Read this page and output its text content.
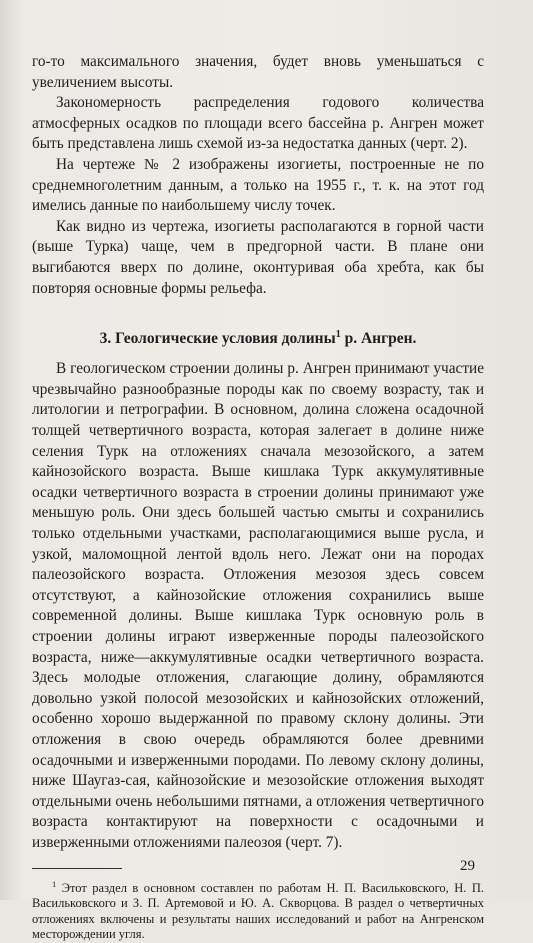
го-то максимального значения, будет вновь уменьшаться с увеличением высоты.

Закономерность распределения годового количества атмосферных осадков по площади всего бассейна р. Ангрен может быть представлена лишь схемой из-за недостатка данных (черт. 2).

На чертеже № 2 изображены изогиеты, построенные не по среднемноголетним данным, а только на 1955 г., т. к. на этот год имелись данные по наибольшему числу точек.

Как видно из чертежа, изогиеты располагаются в горной части (выше Турка) чаще, чем в предгорной части. В плане они выгибаются вверх по долине, оконтуривая оба хребта, как бы повторяя основные формы рельефа.

3. Геологические условия долины$^1$ р. Ангрен.

В геологическом строении долины р. Ангрен принимают участие чрезвычайно разнообразные породы как по своему возрасту, так и литологии и петрографии. В основном, долина сложена осадочной толщей четвертичного возраста, которая залегает в долине ниже селения Турк на отложениях сначала мезозойского, а затем кайнозойского возраста. Выше кишлака Турк аккумулятивные осадки четвертичного возраста в строении долины принимают уже меньшую роль. Они здесь большей частью смыты и сохранились только отдельными участками, располагающимися выше русла, и узкой, маломощной лентой вдоль него. Лежат они на породах палеозойского возраста. Отложения мезозоя здесь совсем отсутствуют, а кайнозойские отложения сохранились выше современной долины. Выше кишлака Турк основную роль в строении долины играют изверженные породы палеозойского возраста, ниже—аккумулятивные осадки четвертичного возраста. Здесь молодые отложения, слагающие долину, обрамляются довольно узкой полосой мезозойских и кайнозойских отложений, особенно хорошо выдержанной по правому склону долины. Эти отложения в свою очередь обрамляются более древними осадочными и изверженными породами. По левому склону долины, ниже Шаугаз-сая, кайнозойские и мезозойские отложения выходят отдельными очень небольшими пятнами, а отложения четвертичного возраста контактируют на поверхности с осадочными и изверженными отложениями палеозоя (черт. 7).

$^1$ Этот раздел в основном составлен по работам Н. П. Васильковского, Н. П. Васильковского и З. П. Артемовой и Ю. А. Скворцова. В раздел о четвертичных отложениях включены и результаты наших исследований и работ на Ангренском месторождении угля.

29
